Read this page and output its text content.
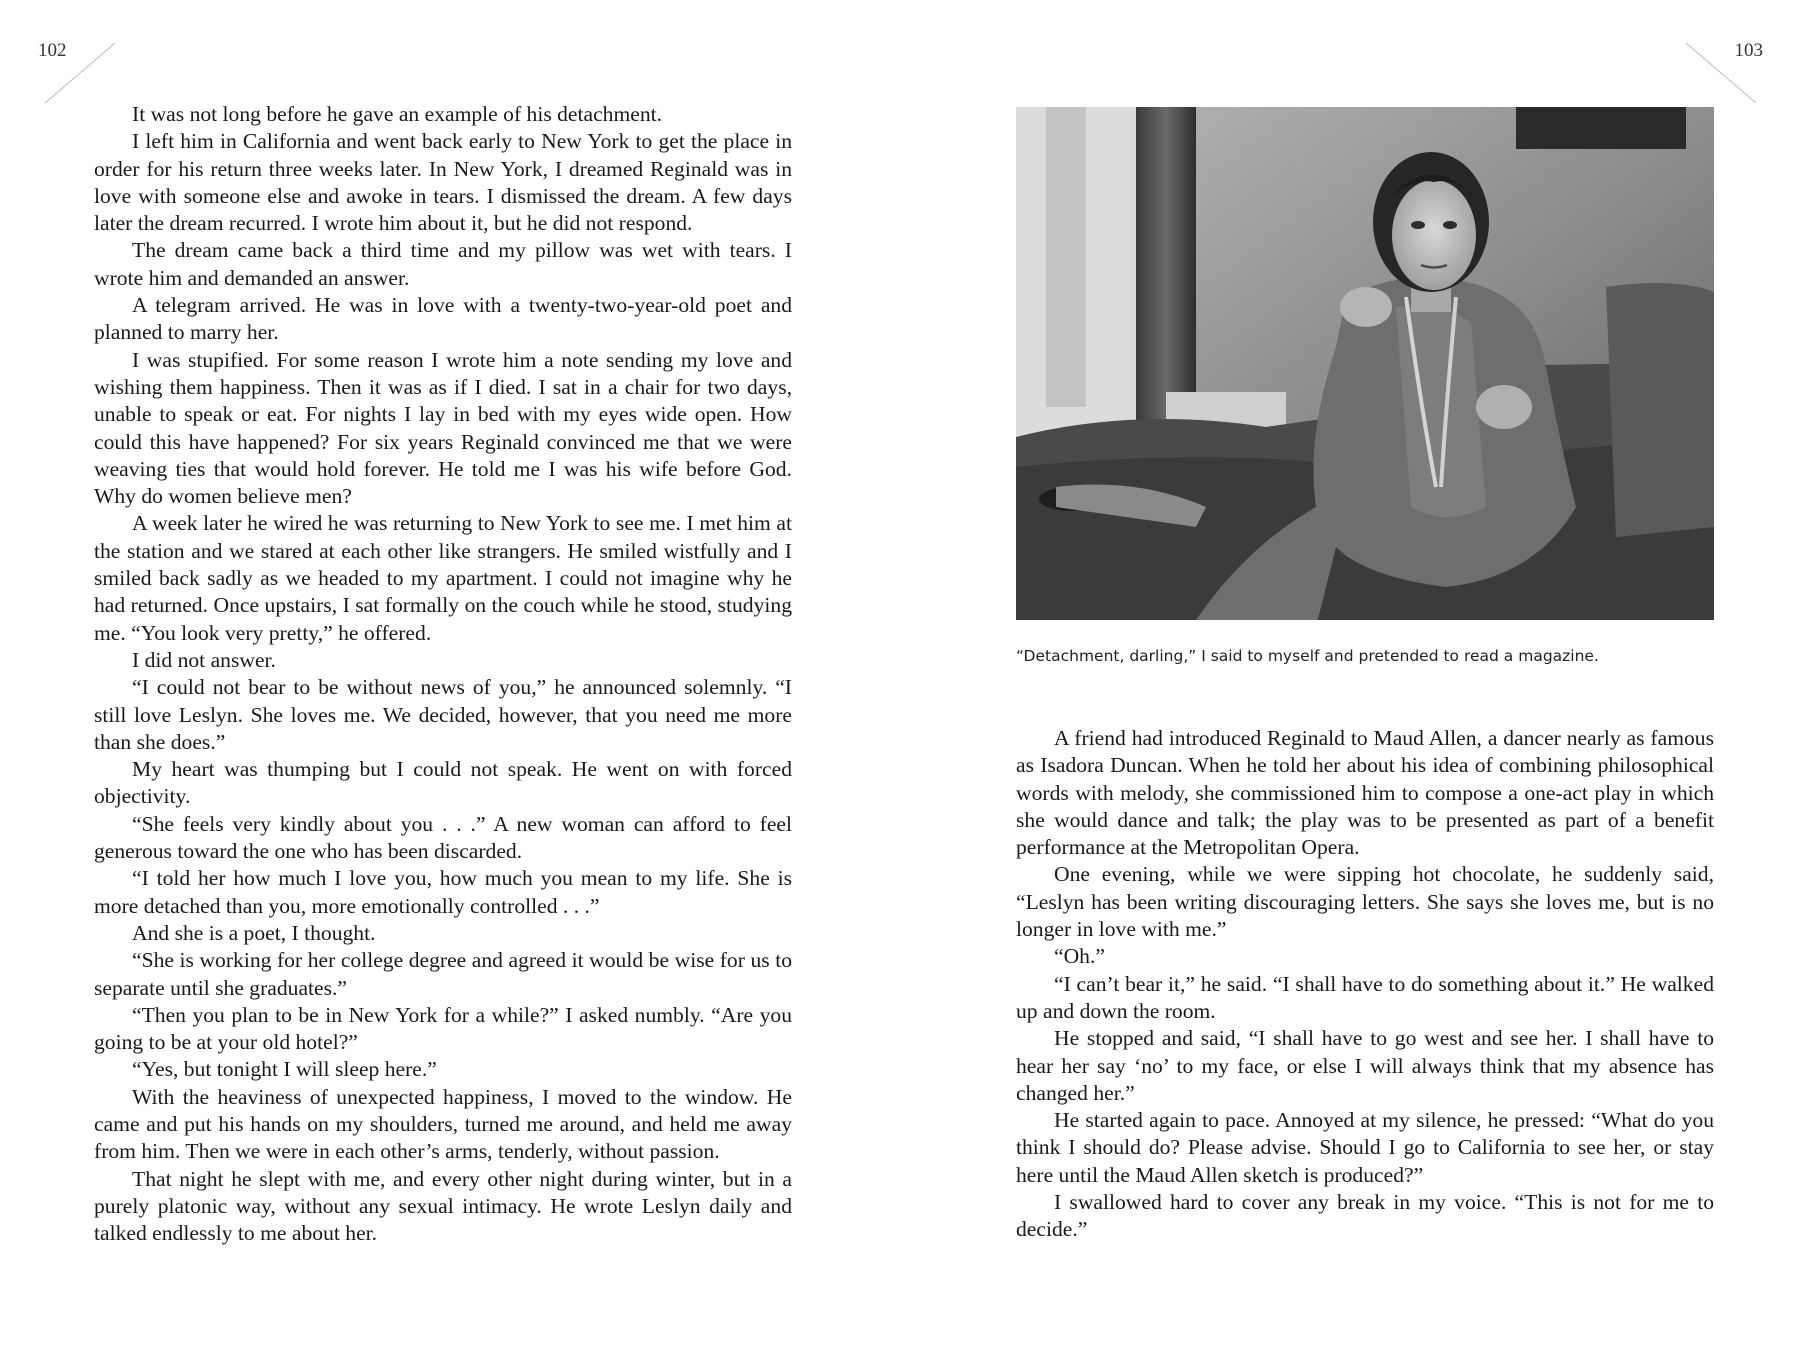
102	103

It was not long before he gave an example of his detachment.

I left him in California and went back early to New York to get the place in order for his return three weeks later. In New York, I dreamed Reginald was in love with someone else and awoke in tears. I dismissed the dream. A few days later the dream recurred. I wrote him about it, but he did not respond.

The dream came back a third time and my pillow was wet with tears. I wrote him and demanded an answer.

A telegram arrived. He was in love with a twenty-two-year-old poet and planned to marry her.

I was stupified. For some reason I wrote him a note sending my love and wishing them happiness. Then it was as if I died. I sat in a chair for two days, unable to speak or eat. For nights I lay in bed with my eyes wide open. How could this have happened? For six years Reginald convinced me that we were weaving ties that would hold forever. He told me I was his wife before God. Why do women believe men?

A week later he wired he was returning to New York to see me. I met him at the station and we stared at each other like strangers. He smiled wistfully and I smiled back sadly as we headed to my apartment. I could not imagine why he had returned. Once upstairs, I sat formally on the couch while he stood, studying me. “You look very pretty,” he offered.

I did not answer.

“I could not bear to be without news of you,” he announced solemnly. “I still love Leslyn. She loves me. We decided, however, that you need me more than she does.”

My heart was thumping but I could not speak. He went on with forced objectivity.

“She feels very kindly about you . . .” A new woman can afford to feel generous toward the one who has been discarded.

“I told her how much I love you, how much you mean to my life. She is more detached than you, more emotionally controlled . . .”

And she is a poet, I thought.

“She is working for her college degree and agreed it would be wise for us to separate until she graduates.”

“Then you plan to be in New York for a while?” I asked numbly. “Are you going to be at your old hotel?”

“Yes, but tonight I will sleep here.”

With the heaviness of unexpected happiness, I moved to the window. He came and put his hands on my shoulders, turned me around, and held me away from him. Then we were in each other’s arms, tenderly, without passion.

That night he slept with me, and every other night during winter, but in a purely platonic way, without any sexual intimacy. He wrote Leslyn daily and talked endlessly to me about her.

“Detachment, darling,” I said to myself and pretended to read a magazine.

A friend had introduced Reginald to Maud Allen, a dancer nearly as famous as Isadora Duncan. When he told her about his idea of combining philosophical words with melody, she commissioned him to compose a one-act play in which she would dance and talk; the play was to be presented as part of a benefit performance at the Metropolitan Opera.

One evening, while we were sipping hot chocolate, he suddenly said, “Leslyn has been writing discouraging letters. She says she loves me, but is no longer in love with me.”

“Oh.”

“I can’t bear it,” he said. “I shall have to do something about it.” He walked up and down the room.

He stopped and said, “I shall have to go west and see her. I shall have to hear her say ‘no’ to my face, or else I will always think that my absence has changed her.”

He started again to pace. Annoyed at my silence, he pressed: “What do you think I should do? Please advise. Should I go to California to see her, or stay here until the Maud Allen sketch is produced?”

I swallowed hard to cover any break in my voice. “This is not for me to decide.”
